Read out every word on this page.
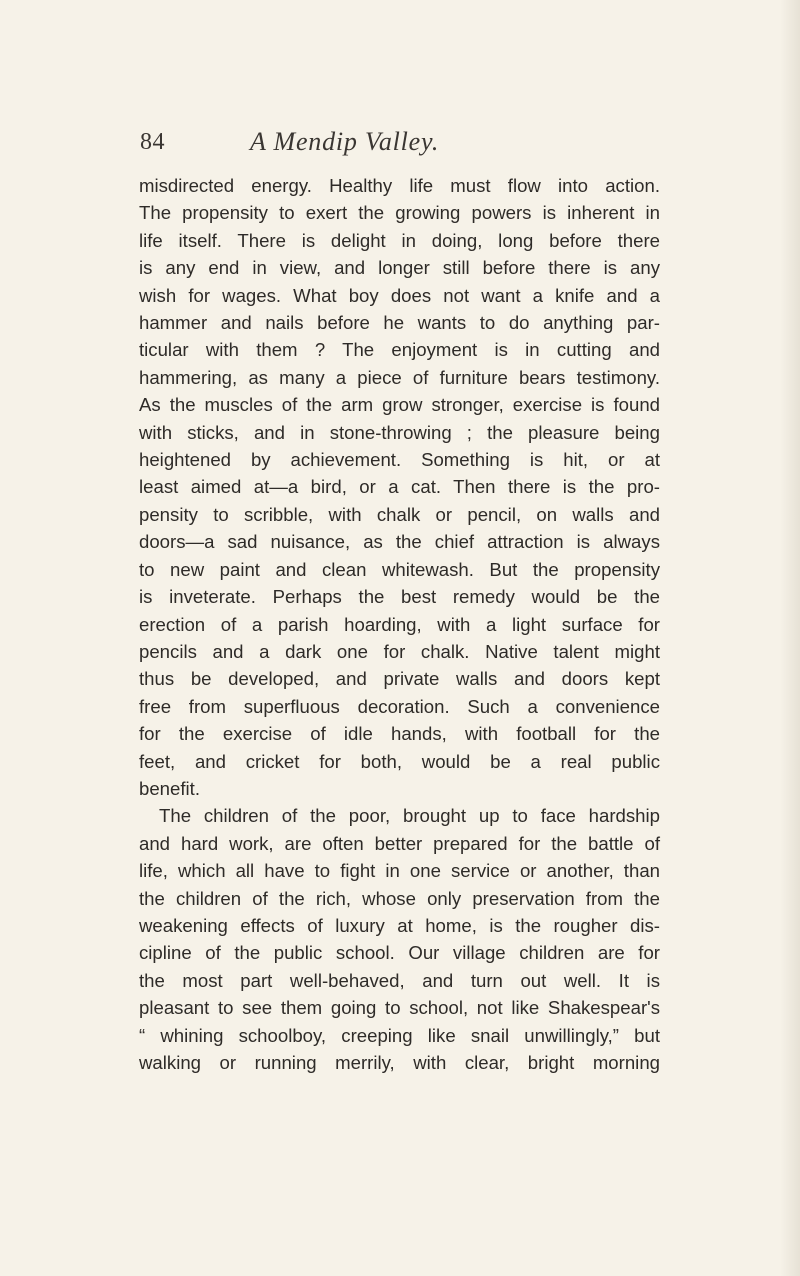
84	A Mendip Valley.
misdirected energy. Healthy life must flow into action.
The propensity to exert the growing powers is inherent in
life itself. There is delight in doing, long before there
is any end in view, and longer still before there is any
wish for wages. What boy does not want a knife and a
hammer and nails before he wants to do anything par-
ticular with them ? The enjoyment is in cutting and
hammering, as many a piece of furniture bears testimony.
As the muscles of the arm grow stronger, exercise is found
with sticks, and in stone-throwing ; the pleasure being
heightened by achievement. Something is hit, or at
least aimed at—a bird, or a cat. Then there is the pro-
pensity to scribble, with chalk or pencil, on walls and
doors—a sad nuisance, as the chief attraction is always
to new paint and clean whitewash. But the propensity
is inveterate. Perhaps the best remedy would be the
erection of a parish hoarding, with a light surface for
pencils and a dark one for chalk. Native talent might
thus be developed, and private walls and doors kept
free from superfluous decoration. Such a convenience
for the exercise of idle hands, with football for the
feet, and cricket for both, would be a real public
benefit.
The children of the poor, brought up to face hardship
and hard work, are often better prepared for the battle of
life, which all have to fight in one service or another, than
the children of the rich, whose only preservation from the
weakening effects of luxury at home, is the rougher dis-
cipline of the public school. Our village children are for
the most part well-behaved, and turn out well. It is
pleasant to see them going to school, not like Shakespear's
“ whining schoolboy, creeping like snail unwillingly,” but
walking or running merrily, with clear, bright morning
